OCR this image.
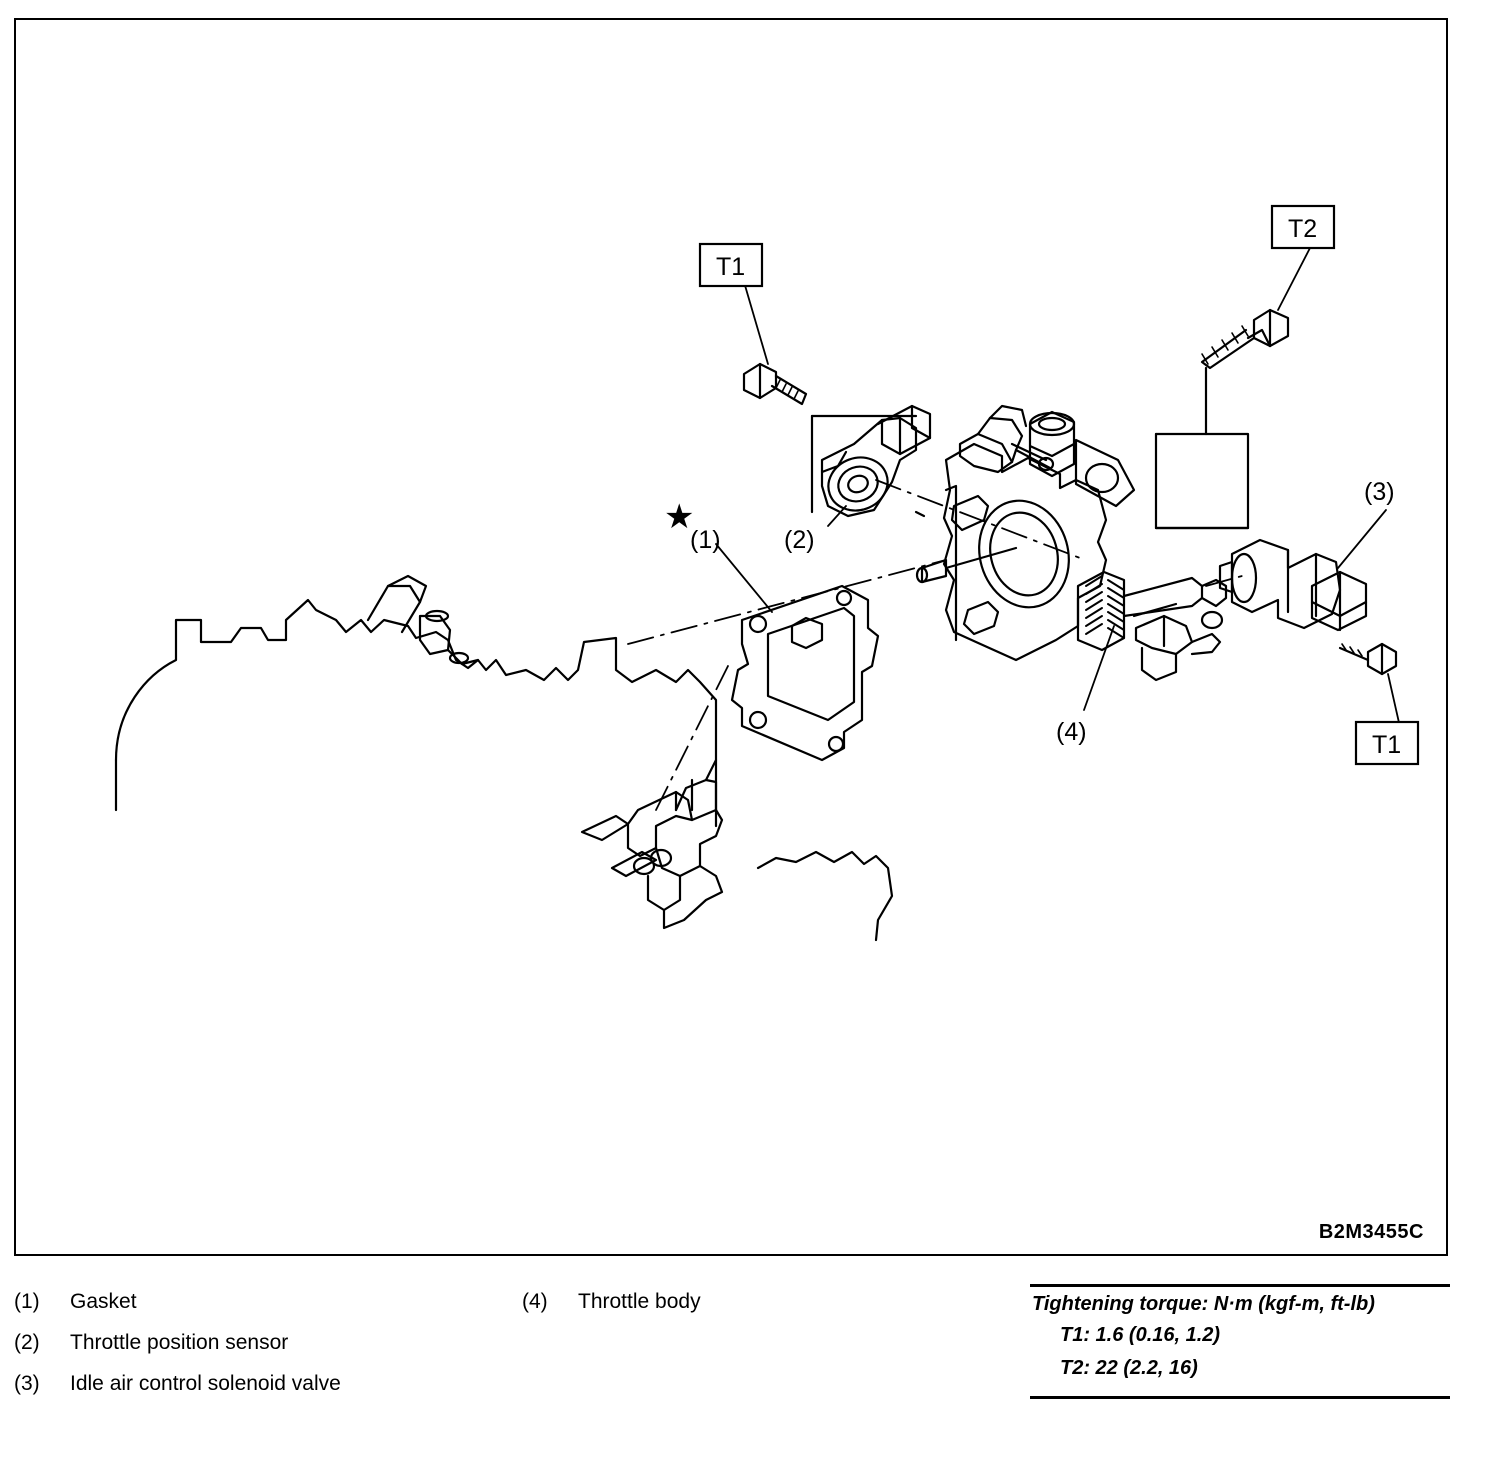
★
(1)	(2)
(3)
(4)
T1
T2
T1
B2M3455C
(1)	Gasket
(2)	Throttle position sensor
(3)	Idle air control solenoid valve
(4)	Throttle body	Tightening torque: N·m (kgf-m, ft-lb)
T1: 1.6 (0.16, 1.2)
T2: 22 (2.2, 16)
